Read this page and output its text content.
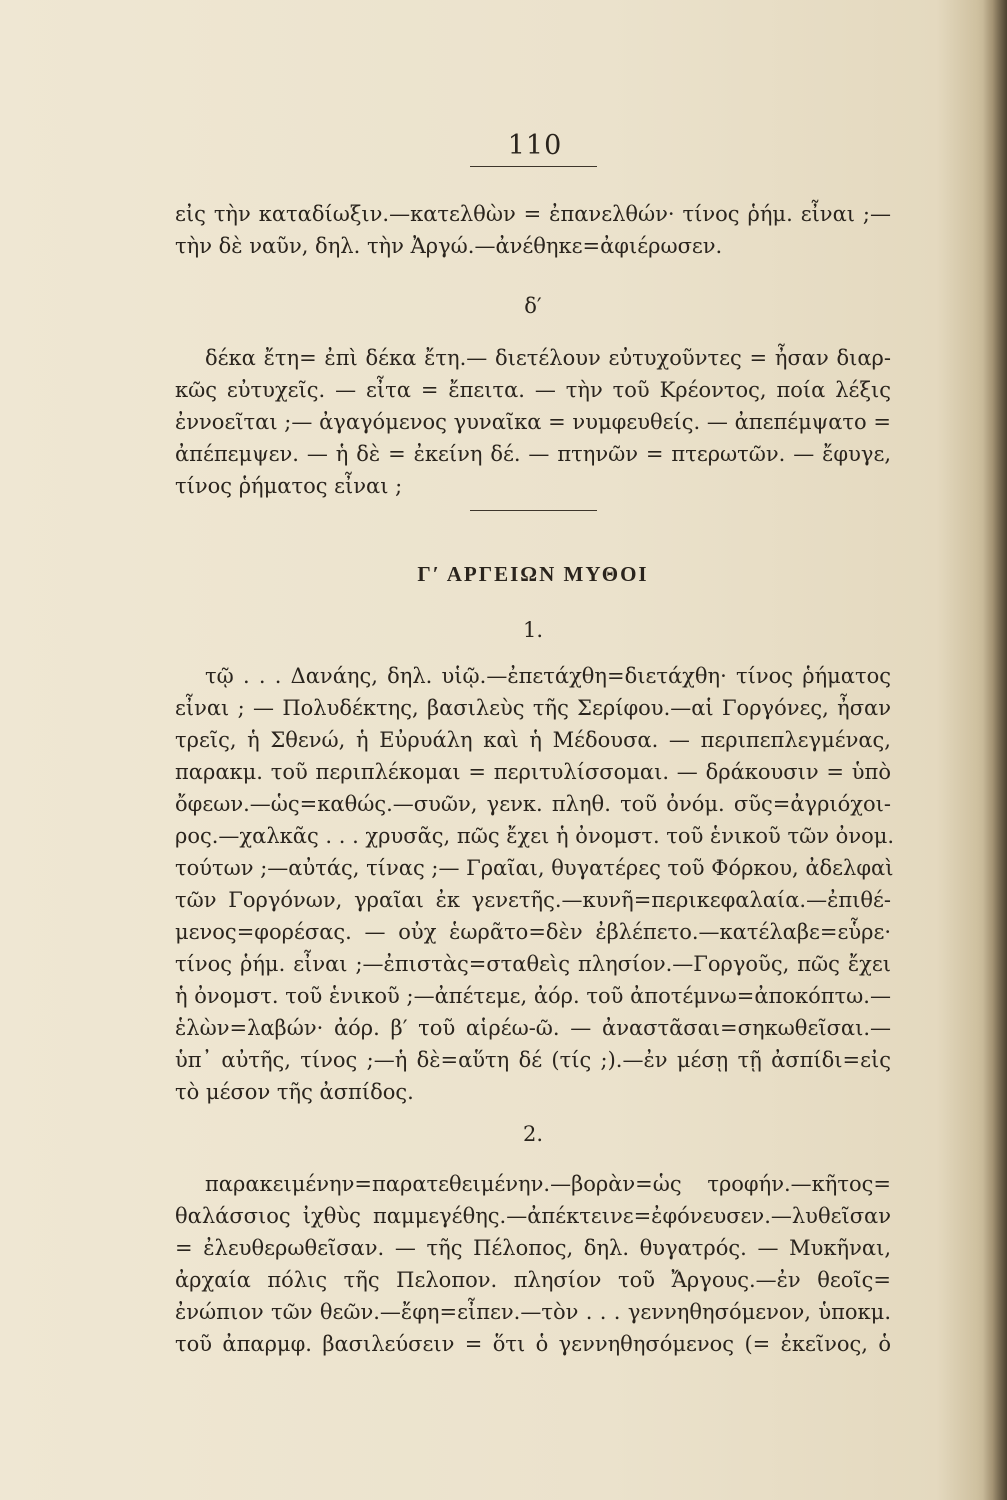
110
εἰς τὴν καταδίωξιν.—κατελθὼν = ἐπανελθών· τίνος ῥήμ. εἶναι ;—
τὴν δὲ ναῦν, δηλ. τὴν Ἀργώ.—ἀνέθηκε=ἀφιέρωσεν.
δ′
δέκα ἔτη= ἐπὶ δέκα ἔτη.— διετέλουν εὐτυχοῦντες = ἦσαν διαρ-
κῶς εὐτυχεῖς. — εἶτα = ἔπειτα. — τὴν τοῦ Κρέοντος, ποία λέξις
ἐννοεῖται ;— ἀγαγόμενος γυναῖκα = νυμφευθείς. — ἀπεπέμψατο =
ἀπέπεμψεν. — ἡ δὲ = ἐκείνη δέ. — πτηνῶν = πτερωτῶν. — ἔφυγε,
τίνος ῥήματος εἶναι ;
Γ′ ΑΡΓΕΙΩΝ ΜΥΘΟΙ
1.
τῷ . . . Δανάης, δηλ. υἱῷ.—ἐπετάχθη=διετάχθη· τίνος ῥήματος
εἶναι ; — Πολυδέκτης, βασιλεὺς τῆς Σερίφου.—αἱ Γοργόνες, ἦσαν
τρεῖς, ἡ Σθενώ, ἡ Εὐρυάλη καὶ ἡ Μέδουσα. — περιπεπλεγμένας,
παρακμ. τοῦ περιπλέκομαι = περιτυλίσσομαι. — δράκουσιν = ὑπὸ
ὄφεων.—ὡς=καθώς.—συῶν, γενκ. πληθ. τοῦ ὀνόμ. σῦς=ἀγριόχοι-
ρος.—χαλκᾶς . . . χρυσᾶς, πῶς ἔχει ἡ ὀνομστ. τοῦ ἑνικοῦ τῶν ὀνομ.
τούτων ;—αὐτάς, τίνας ;— Γραῖαι, θυγατέρες τοῦ Φόρκου, ἀδελφαὶ
τῶν Γοργόνων, γραῖαι ἐκ γενετῆς.—κυνῆ=περικεφαλαία.—ἐπιθέ-
μενος=φορέσας. — οὐχ ἑωρᾶτο=δὲν ἐβλέπετο.—κατέλαβε=εὗρε·
τίνος ῥήμ. εἶναι ;—ἐπιστὰς=σταθεὶς πλησίον.—Γοργοῦς, πῶς ἔχει
ἡ ὀνομστ. τοῦ ἑνικοῦ ;—ἀπέτεμε, ἀόρ. τοῦ ἀποτέμνω=ἀποκόπτω.—
ἑλὼν=λαβών· ἀόρ. β′ τοῦ αἱρέω-ῶ. — ἀναστᾶσαι=σηκωθεῖσαι.—
ὑπ᾽ αὐτῆς, τίνος ;—ἡ δὲ=αὕτη δέ (τίς ;).—ἐν μέσῃ τῇ ἀσπίδι=εἰς
τὸ μέσον τῆς ἀσπίδος.
2.
παρακειμένην=παρατεθειμένην.—βορὰν=ὡς τροφήν.—κῆτος=
θαλάσσιος ἰχθὺς παμμεγέθης.—ἀπέκτεινε=ἐφόνευσεν.—λυθεῖσαν
= ἐλευθερωθεῖσαν. — τῆς Πέλοπος, δηλ. θυγατρός. — Μυκῆναι,
ἀρχαία πόλις τῆς Πελοπον. πλησίον τοῦ Ἄργους.—ἐν θεοῖς=
ἐνώπιον τῶν θεῶν.—ἔφη=εἶπεν.—τὸν . . . γεννηθησόμενον, ὑποκμ.
τοῦ ἀπαρμφ. βασιλεύσειν = ὅτι ὁ γεννηθησόμενος (= ἐκεῖνος, ὁ
